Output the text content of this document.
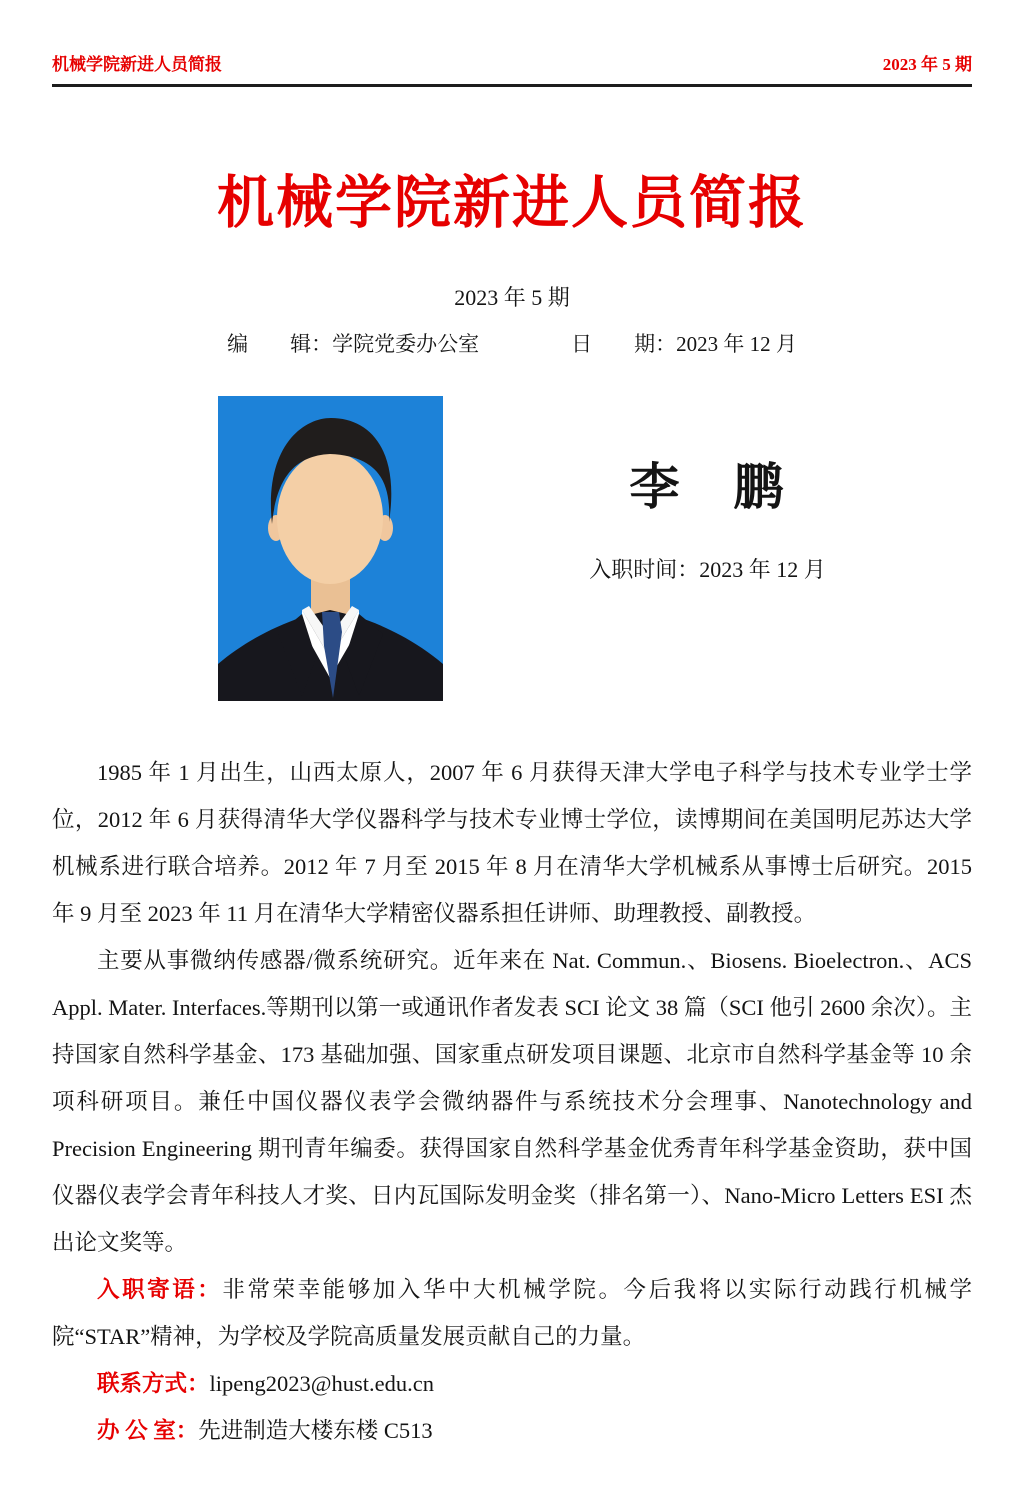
机械学院新进人员简报	2023 年 5 期
机械学院新进人员简报
2023 年 5 期
编　　辑：学院党委办公室	日　　期：2023 年 12 月
李　鹏
入职时间：2023 年 12 月

1985 年 1 月出生，山西太原人，2007 年 6 月获得天津大学电子科学与技术专业学士学位，2012 年 6 月获得清华大学仪器科学与技术专业博士学位，读博期间在美国明尼苏达大学机械系进行联合培养。2012 年 7 月至 2015 年 8 月在清华大学机械系从事博士后研究。2015 年 9 月至 2023 年 11 月在清华大学精密仪器系担任讲师、助理教授、副教授。

主要从事微纳传感器/微系统研究。近年来在 Nat. Commun.、Biosens. Bioelectron.、ACS Appl. Mater. Interfaces.等期刊以第一或通讯作者发表 SCI 论文 38 篇（SCI 他引 2600 余次）。主持国家自然科学基金、173 基础加强、国家重点研发项目课题、北京市自然科学基金等 10 余项科研项目。兼任中国仪器仪表学会微纳器件与系统技术分会理事、Nanotechnology and Precision Engineering 期刊青年编委。获得国家自然科学基金优秀青年科学基金资助，获中国仪器仪表学会青年科技人才奖、日内瓦国际发明金奖（排名第一）、Nano-Micro Letters ESI 杰出论文奖等。

入职寄语：非常荣幸能够加入华中大机械学院。今后我将以实际行动践行机械学院“STAR”精神，为学校及学院高质量发展贡献自己的力量。

联系方式：lipeng2023@hust.edu.cn

办 公 室：先进制造大楼东楼 C513
